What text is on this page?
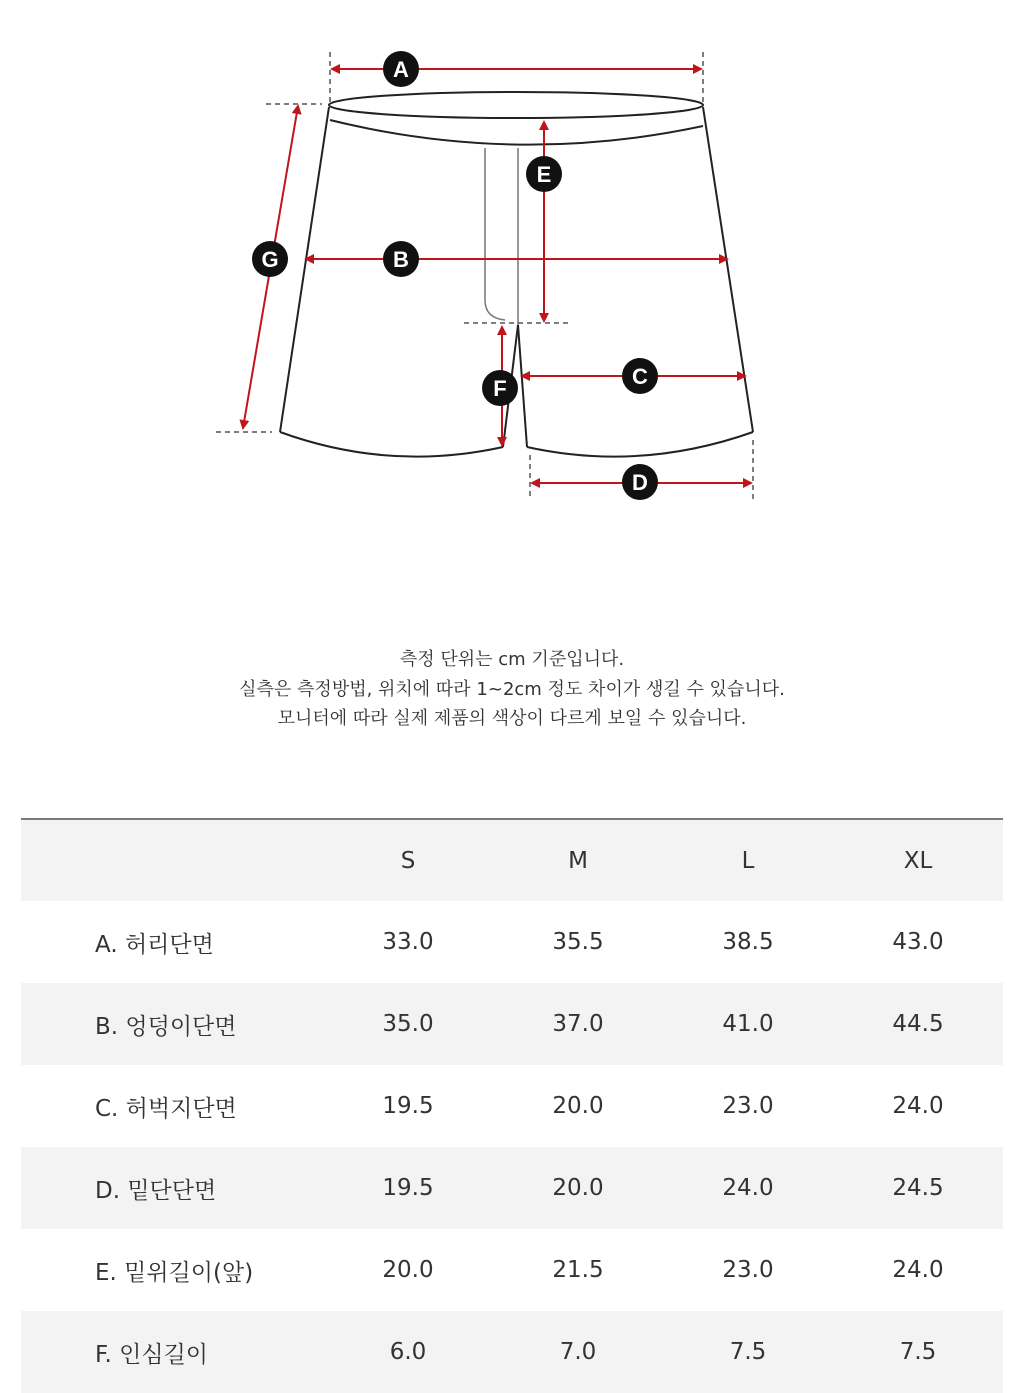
A
B
C
D
E
F
G
측정 단위는 cm 기준입니다.
실측은 측정방법, 위치에 따라 1~2cm 정도 차이가 생길 수 있습니다.
모니터에 따라 실제 제품의 색상이 다르게 보일 수 있습니다.
	S	M	L	XL
A. 허리단면	33.0	35.5	38.5	43.0
B. 엉덩이단면	35.0	37.0	41.0	44.5
C. 허벅지단면	19.5	20.0	23.0	24.0
D. 밑단단면	19.5	20.0	24.0	24.5
E. 밑위길이(앞)	20.0	21.5	23.0	24.0
F. 인심길이	6.0	7.0	7.5	7.5
